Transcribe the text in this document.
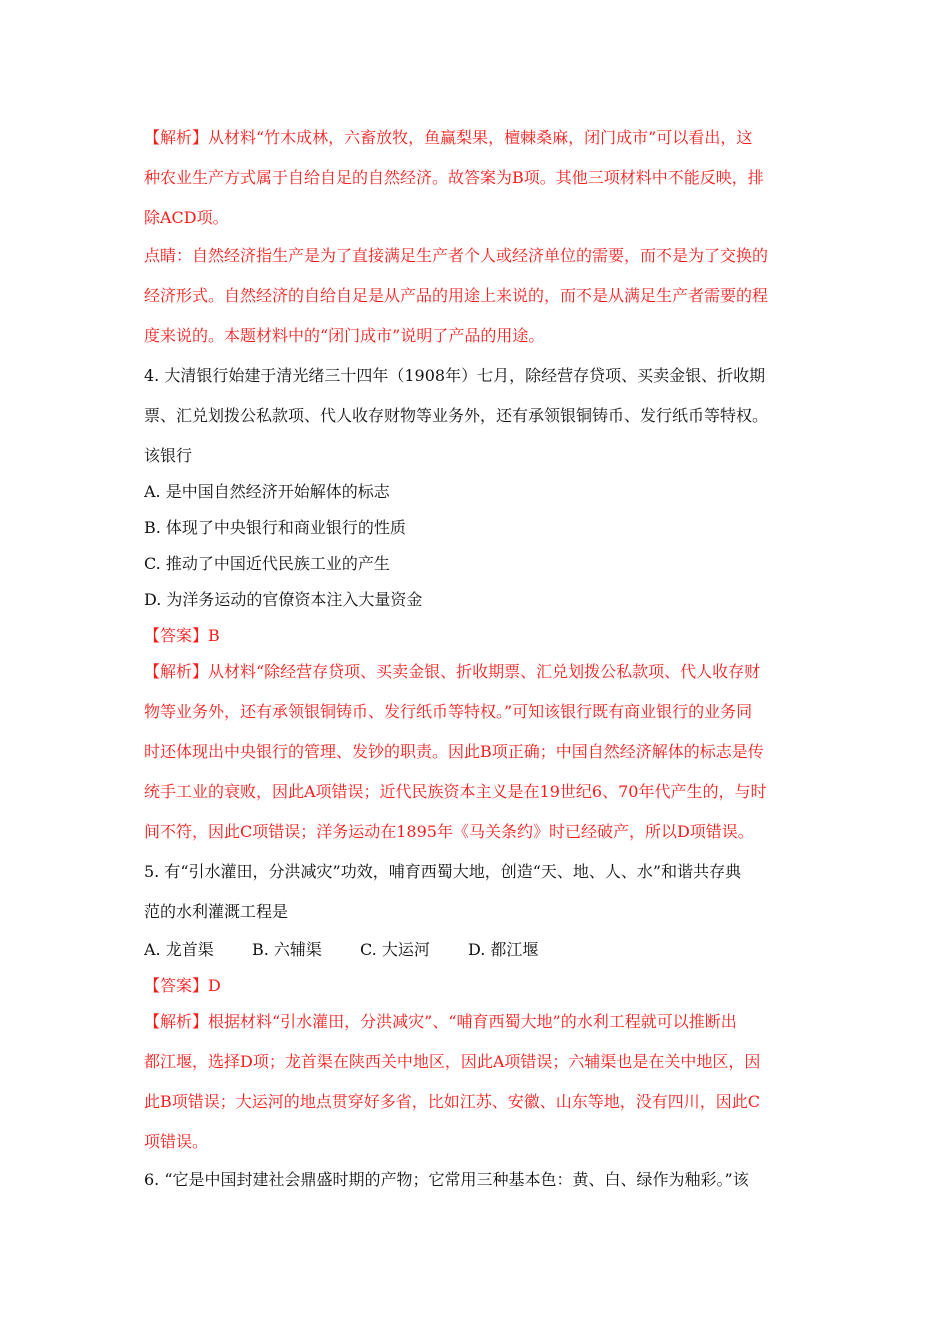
【解析】从材料“竹木成林，六畜放牧，鱼赢梨果，檀棘桑麻，闭门成市”可以看出，这
种农业生产方式属于自给自足的自然经济。故答案为B项。其他三项材料中不能反映，排
除ACD项。
点睛：自然经济指生产是为了直接满足生产者个人或经济单位的需要，而不是为了交换的
经济形式。自然经济的自给自足是从产品的用途上来说的，而不是从满足生产者需要的程
度来说的。本题材料中的“闭门成市”说明了产品的用途。
4. 大清银行始建于清光绪三十四年（1908年）七月，除经营存贷项、买卖金银、折收期
票、汇兑划拨公私款项、代人收存财物等业务外，还有承领银铜铸币、发行纸币等特权。
该银行
A. 是中国自然经济开始解体的标志
B. 体现了中央银行和商业银行的性质
C. 推动了中国近代民族工业的产生
D. 为洋务运动的官僚资本注入大量资金
【答案】B
【解析】从材料“除经营存贷项、买卖金银、折收期票、汇兑划拨公私款项、代人收存财
物等业务外，还有承领银铜铸币、发行纸币等特权。”可知该银行既有商业银行的业务同
时还体现出中央银行的管理、发钞的职责。因此B项正确；中国自然经济解体的标志是传
统手工业的衰败，因此A项错误；近代民族资本主义是在19世纪6、70年代产生的，与时
间不符，因此C项错误；洋务运动在1895年《马关条约》时已经破产，所以D项错误。
5. 有“引水灌田，分洪减灾”功效，哺育西蜀大地，创造“天、地、人、水”和谐共存典
范的水利灌溉工程是
A. 龙首渠 B. 六辅渠 C. 大运河 D. 都江堰
【答案】D
【解析】根据材料“引水灌田，分洪减灾”、“哺育西蜀大地”的水利工程就可以推断出
都江堰，选择D项；龙首渠在陕西关中地区，因此A项错误；六辅渠也是在关中地区，因
此B项错误；大运河的地点贯穿好多省，比如江苏、安徽、山东等地，没有四川，因此C
项错误。
6. “它是中国封建社会鼎盛时期的产物；它常用三种基本色：黄、白、绿作为釉彩。”该
